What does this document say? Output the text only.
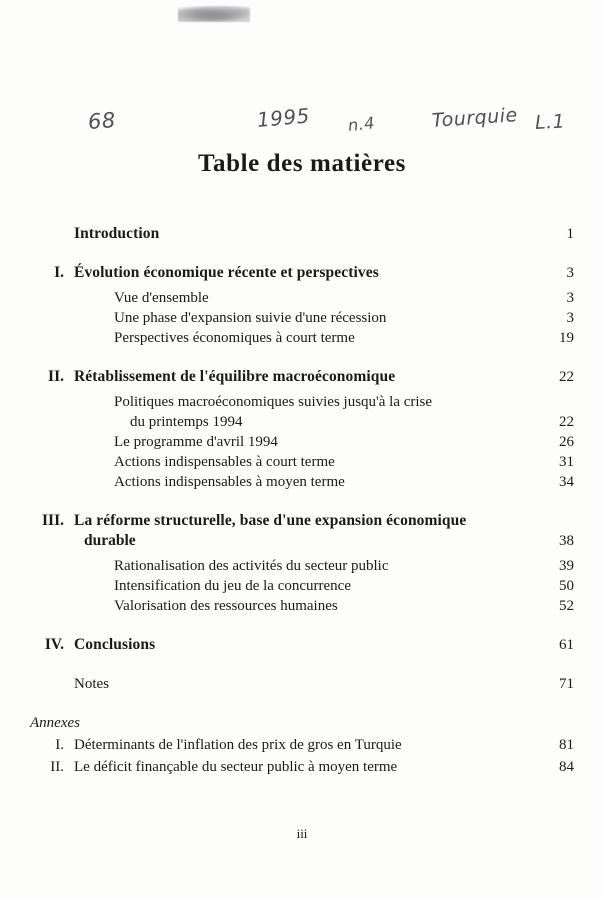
68	1995 n.4	Tourquie L.1
Table des matières
Introduction	1
I. Évolution économique récente et perspectives	3
Vue d'ensemble	3
Une phase d'expansion suivie d'une récession	3
Perspectives économiques à court terme	19
II. Rétablissement de l'équilibre macroéconomique	22
Politiques macroéconomiques suivies jusqu'à la crise
du printemps 1994	22
Le programme d'avril 1994	26
Actions indispensables à court terme	31
Actions indispensables à moyen terme	34
III. La réforme structurelle, base d'une expansion économique
durable	38
Rationalisation des activités du secteur public	39
Intensification du jeu de la concurrence	50
Valorisation des ressources humaines	52
IV. Conclusions	61
Notes	71
Annexes
I. Déterminants de l'inflation des prix de gros en Turquie	81
II. Le déficit finançable du secteur public à moyen terme	84
iii
